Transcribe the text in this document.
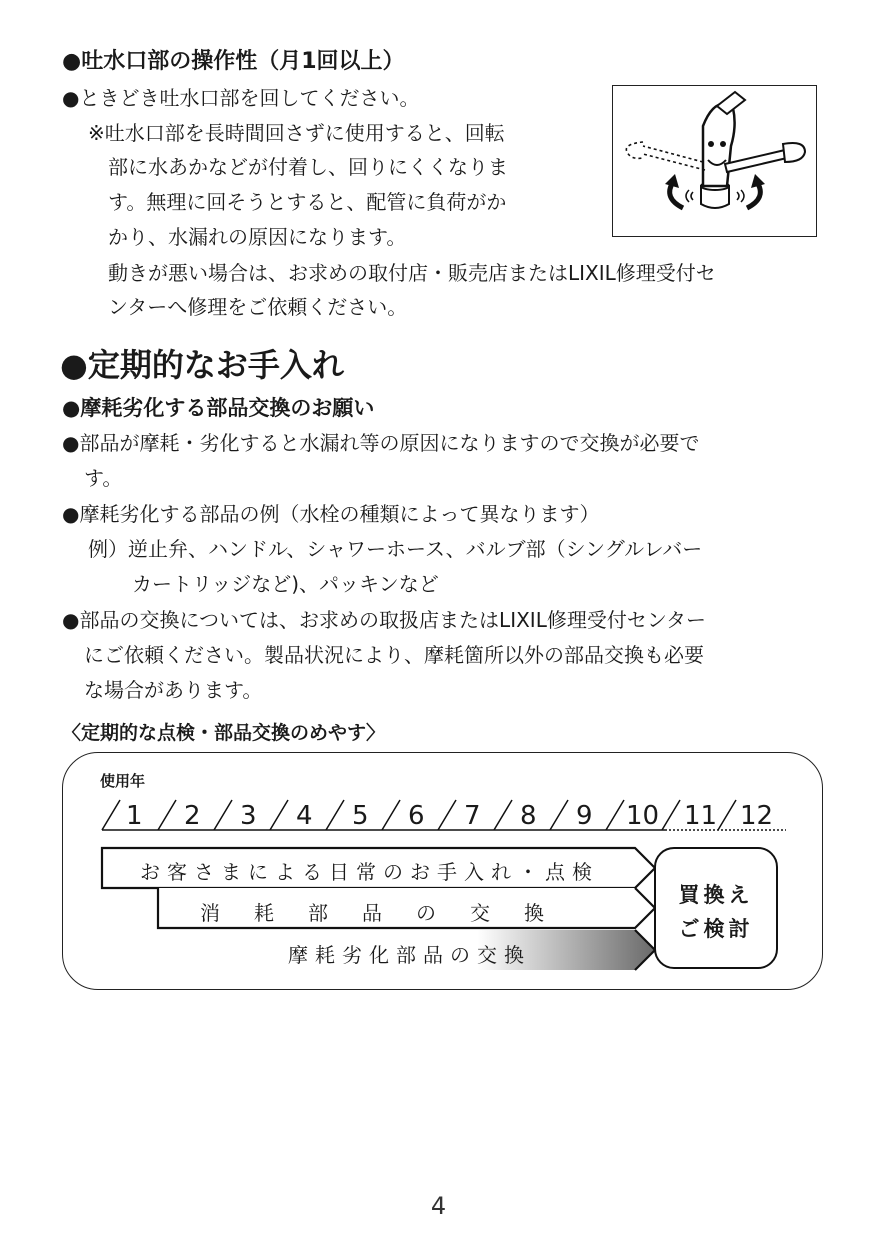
●吐水口部の操作性（月1回以上）
●ときどき吐水口部を回してください。
※吐水口部を長時間回さずに使用すると、回転
部に水あかなどが付着し、回りにくくなりま
す。無理に回そうとすると、配管に負荷がか
かり、水漏れの原因になります。
動きが悪い場合は、お求めの取付店・販売店またはLIXIL修理受付セ
ンターへ修理をご依頼ください。
●定期的なお手入れ
●摩耗劣化する部品交換のお願い
●部品が摩耗・劣化すると水漏れ等の原因になりますので交換が必要で
す。
●摩耗劣化する部品の例（水栓の種類によって異なります）
例）逆止弁、ハンドル、シャワーホース、バルブ部（シングルレバー
カートリッジなど)、パッキンなど
●部品の交換については、お求めの取扱店またはLIXIL修理受付センター
にご依頼ください。製品状況により、摩耗箇所以外の部品交換も必要
な場合があります。
〈定期的な点検・部品交換のめやす〉
使用年
1 2 3 4 5 6 7 8 9 10 11 12
お客さまによる日常のお手入れ・点検
消　耗　部　品　の　交　換
摩耗劣化部品の交換
買換え
ご検討
4
